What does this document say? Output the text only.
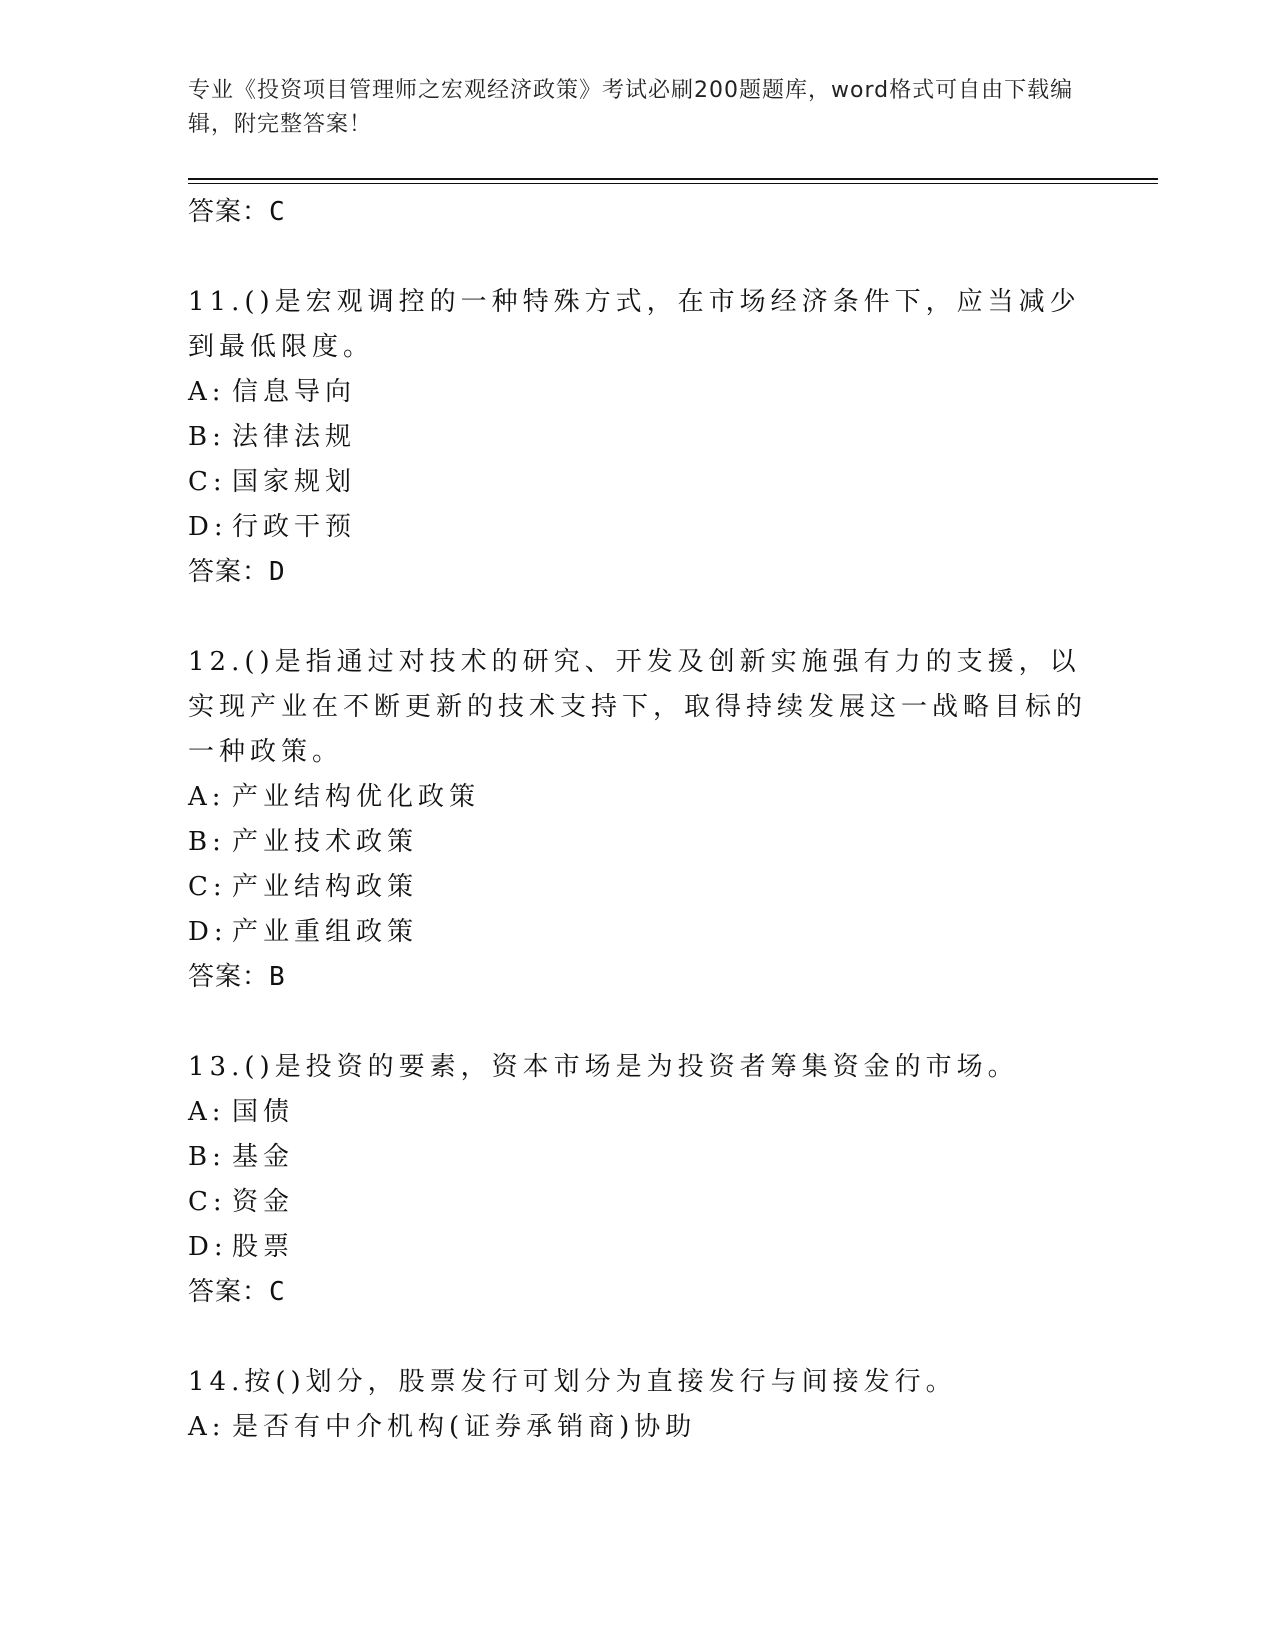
专业《投资项目管理师之宏观经济政策》考试必刷200题题库，word格式可自由下载编辑，附完整答案！
答案：C

11.()是宏观调控的一种特殊方式，在市场经济条件下，应当减少到最低限度。

A: 信息导向
B: 法律法规
C: 国家规划
D: 行政干预
答案：D

12.()是指通过对技术的研究、开发及创新实施强有力的支援，以实现产业在不断更新的技术支持下，取得持续发展这一战略目标的一种政策。

A: 产业结构优化政策
B: 产业技术政策
C: 产业结构政策
D: 产业重组政策
答案：B

13.()是投资的要素，资本市场是为投资者筹集资金的市场。

A: 国债
B: 基金
C: 资金
D: 股票
答案：C

14.按()划分，股票发行可划分为直接发行与间接发行。

A: 是否有中介机构(证券承销商)协助
